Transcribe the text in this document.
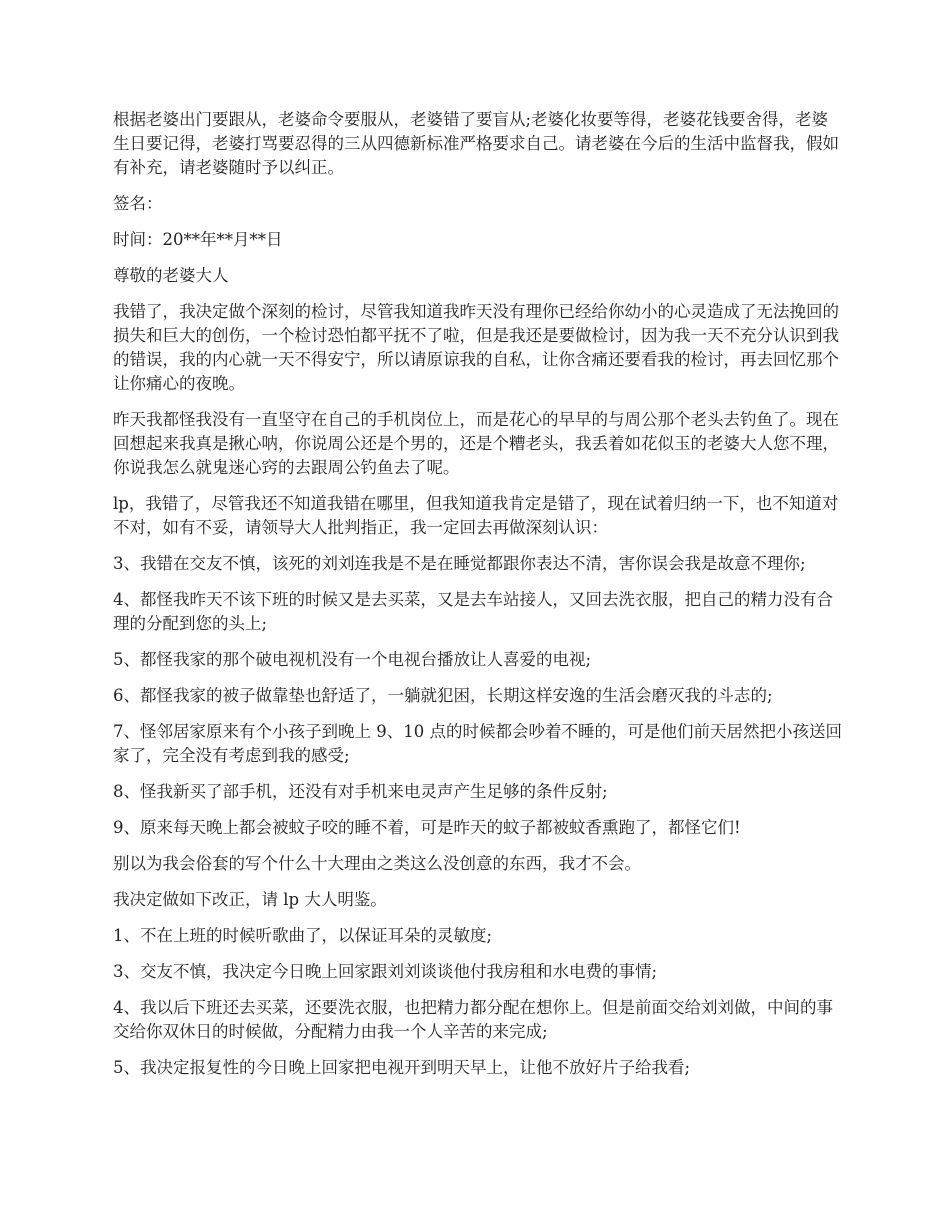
根据老婆出门要跟从，老婆命令要服从，老婆错了要盲从;老婆化妆要等得，老婆花钱要舍得，老婆生日要记得，老婆打骂要忍得的三从四德新标准严格要求自己。请老婆在今后的生活中监督我，假如有补充，请老婆随时予以纠正。

签名：

时间：20**年**月**日

尊敬的老婆大人

我错了，我决定做个深刻的检讨，尽管我知道我昨天没有理你已经给你幼小的心灵造成了无法挽回的损失和巨大的创伤，一个检讨恐怕都平抚不了啦，但是我还是要做检讨，因为我一天不充分认识到我的错误，我的内心就一天不得安宁，所以请原谅我的自私，让你含痛还要看我的检讨，再去回忆那个让你痛心的夜晚。

昨天我都怪我没有一直坚守在自己的手机岗位上，而是花心的早早的与周公那个老头去钓鱼了。现在回想起来我真是揪心呐，你说周公还是个男的，还是个糟老头，我丢着如花似玉的老婆大人您不理，你说我怎么就鬼迷心窍的去跟周公钓鱼去了呢。

lp，我错了，尽管我还不知道我错在哪里，但我知道我肯定是错了，现在试着归纳一下，也不知道对不对，如有不妥，请领导大人批判指正，我一定回去再做深刻认识：

3、我错在交友不慎，该死的刘刘连我是不是在睡觉都跟你表达不清，害你误会我是故意不理你;

4、都怪我昨天不该下班的时候又是去买菜，又是去车站接人，又回去洗衣服，把自己的精力没有合理的分配到您的头上;

5、都怪我家的那个破电视机没有一个电视台播放让人喜爱的电视;

6、都怪我家的被子做靠垫也舒适了，一躺就犯困，长期这样安逸的生活会磨灭我的斗志的;

7、怪邻居家原来有个小孩子到晚上 9、10 点的时候都会吵着不睡的，可是他们前天居然把小孩送回家了，完全没有考虑到我的感受;

8、怪我新买了部手机，还没有对手机来电灵声产生足够的条件反射;

9、原来每天晚上都会被蚊子咬的睡不着，可是昨天的蚊子都被蚊香熏跑了，都怪它们!

别以为我会俗套的写个什么十大理由之类这么没创意的东西，我才不会。

我决定做如下改正，请 lp 大人明鉴。

1、不在上班的时候听歌曲了，以保证耳朵的灵敏度;

3、交友不慎，我决定今日晚上回家跟刘刘谈谈他付我房租和水电费的事情;

4、我以后下班还去买菜，还要洗衣服，也把精力都分配在想你上。但是前面交给刘刘做，中间的事交给你双休日的时候做，分配精力由我一个人辛苦的来完成;

5、我决定报复性的今日晚上回家把电视开到明天早上，让他不放好片子给我看;
